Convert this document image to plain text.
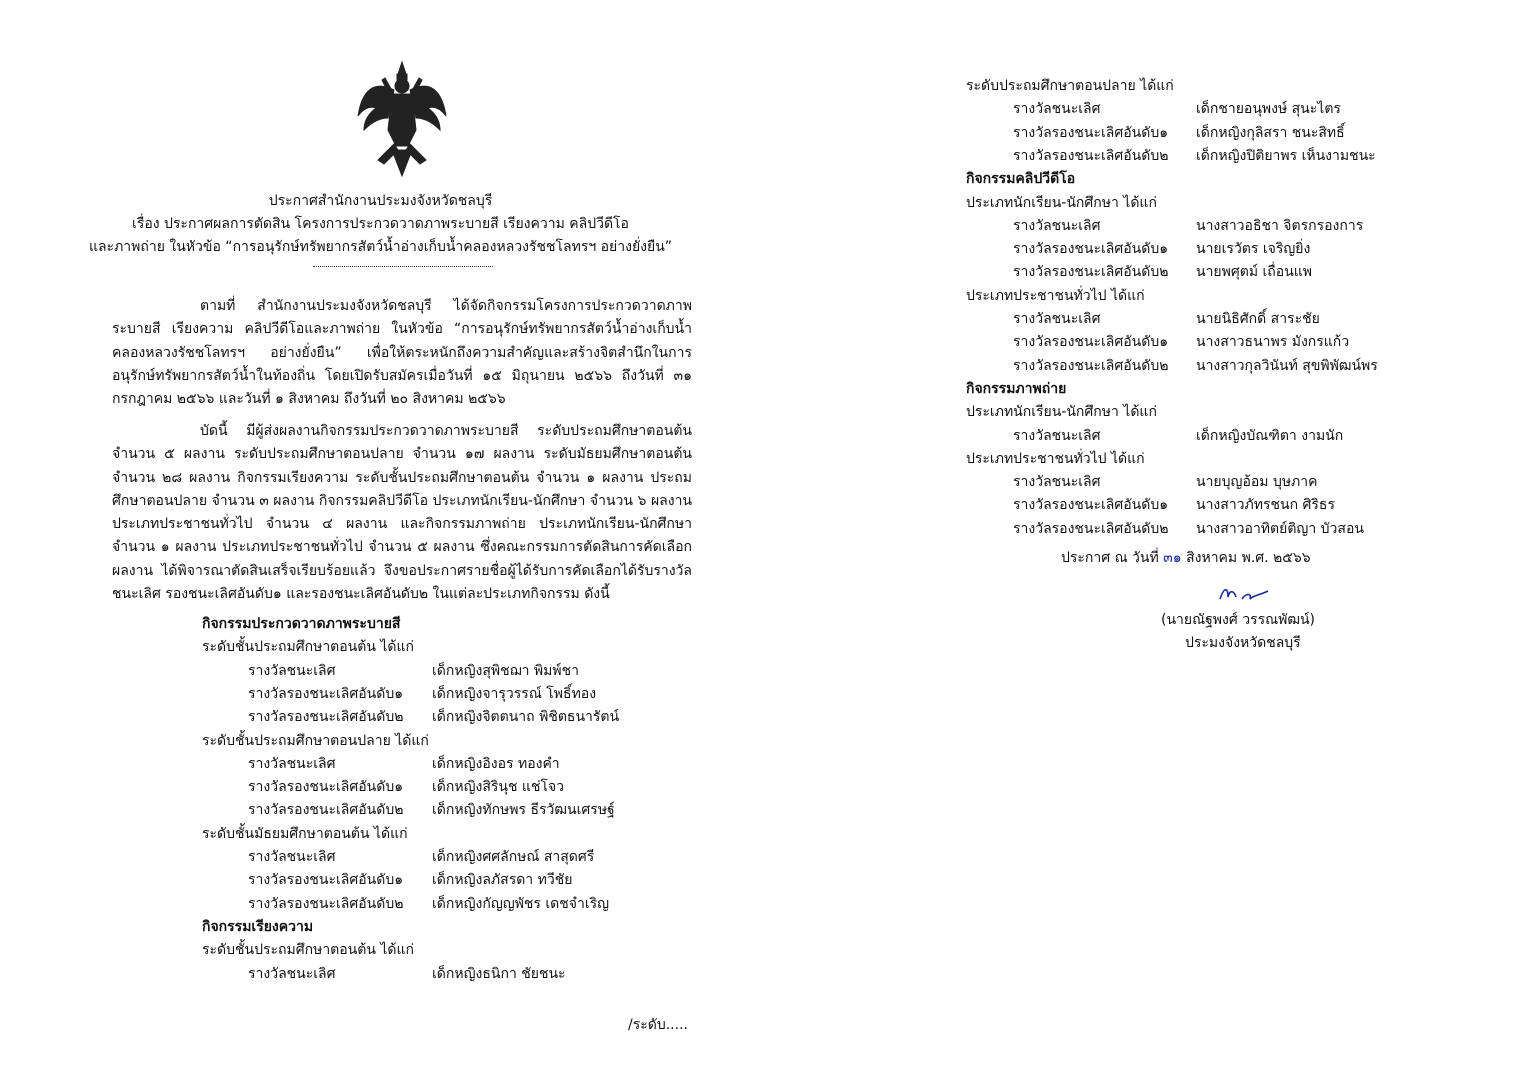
ประกาศสำนักงานประมงจังหวัดชลบุรี
เรื่อง ประกาศผลการตัดสิน โครงการประกวดวาดภาพระบายสี เรียงความ คลิปวีดีโอ
และภาพถ่าย ในหัวข้อ “การอนุรักษ์ทรัพยากรสัตว์น้ำอ่างเก็บน้ำคลองหลวงรัชชโลทรฯ อย่างยั่งยืน”

ตามที่ สำนักงานประมงจังหวัดชลบุรี ได้จัดกิจกรรมโครงการประกวดวาดภาพระบายสี เรียงความ คลิปวีดีโอและภาพถ่าย ในหัวข้อ “การอนุรักษ์ทรัพยากรสัตว์น้ำอ่างเก็บน้ำคลองหลวงรัชชโลทรฯ อย่างยั่งยืน” เพื่อให้ตระหนักถึงความสำคัญและสร้างจิตสำนึกในการอนุรักษ์ทรัพยากรสัตว์น้ำในท้องถิ่น โดยเปิดรับสมัครเมื่อวันที่ ๑๕ มิถุนายน ๒๕๖๖ ถึงวันที่ ๓๑ กรกฎาคม ๒๕๖๖ และวันที่ ๑ สิงหาคม ถึงวันที่ ๒๐ สิงหาคม ๒๕๖๖

บัดนี้ มีผู้ส่งผลงานกิจกรรมประกวดวาดภาพระบายสี ระดับประถมศึกษาตอนต้น จำนวน ๕ ผลงาน ระดับประถมศึกษาตอนปลาย จำนวน ๑๗ ผลงาน ระดับมัธยมศึกษาตอนต้น จำนวน ๒๘ ผลงาน กิจกรรมเรียงความ ระดับชั้นประถมศึกษาตอนต้น จำนวน ๑ ผลงาน ประถมศึกษาตอนปลาย จำนวน ๓ ผลงาน กิจกรรมคลิปวีดีโอ ประเภทนักเรียน-นักศึกษา จำนวน ๖ ผลงาน ประเภทประชาชนทั่วไป จำนวน ๔ ผลงาน และกิจกรรมภาพถ่าย ประเภทนักเรียน-นักศึกษา จำนวน ๑ ผลงาน ประเภทประชาชนทั่วไป จำนวน ๕ ผลงาน ซึ่งคณะกรรมการตัดสินการคัดเลือกผลงาน ได้พิจารณาตัดสินเสร็จเรียบร้อยแล้ว จึงขอประกาศรายชื่อผู้ได้รับการคัดเลือกได้รับรางวัลชนะเลิศ รองชนะเลิศอันดับ๑ และรองชนะเลิศอันดับ๒ ในแต่ละประเภทกิจกรรม ดังนี้

กิจกรรมประกวดวาดภาพระบายสี
ระดับชั้นประถมศึกษาตอนต้น ได้แก่
รางวัลชนะเลิศ	เด็กหญิงสุพิชฌา พิมพ์ชา
รางวัลรองชนะเลิศอันดับ๑ เด็กหญิงจารุวรรณ์ โพธิ์ทอง
รางวัลรองชนะเลิศอันดับ๒ เด็กหญิงจิตตนาถ พิชิตธนารัตน์
ระดับชั้นประถมศึกษาตอนปลาย ได้แก่
รางวัลชนะเลิศ	เด็กหญิงอิงอร ทองคำ
รางวัลรองชนะเลิศอันดับ๑ เด็กหญิงสิรินุช แช่โจว
รางวัลรองชนะเลิศอันดับ๒ เด็กหญิงทักษพร ธีรวัฒนเศรษฐ์
ระดับชั้นมัธยมศึกษาตอนต้น ได้แก่
รางวัลชนะเลิศ	เด็กหญิงศศลักษณ์ สาสุดศรี
รางวัลรองชนะเลิศอันดับ๑ เด็กหญิงลภัสรดา ทวีชัย
รางวัลรองชนะเลิศอันดับ๒ เด็กหญิงกัญญพัชร เดชจำเริญ
กิจกรรมเรียงความ
ระดับชั้นประถมศึกษาตอนต้น ได้แก่
รางวัลชนะเลิศ	เด็กหญิงธนิกา ชัยชนะ
/ระดับ.....
ระดับประถมศึกษาตอนปลาย ได้แก่
รางวัลชนะเลิศ	เด็กชายอนุพงษ์ สุนะไตร
รางวัลรองชนะเลิศอันดับ๑ เด็กหญิงกุลิสรา ชนะสิทธิ์
รางวัลรองชนะเลิศอันดับ๒ เด็กหญิงปิติยาพร เห็นงามชนะ
กิจกรรมคลิปวีดีโอ
ประเภทนักเรียน-นักศึกษา ได้แก่
รางวัลชนะเลิศ	นางสาวอธิชา จิตรกรองการ
รางวัลรองชนะเลิศอันดับ๑ นายเรวัตร เจริญยิ่ง
รางวัลรองชนะเลิศอันดับ๒ นายพศุตม์ เถื่อนแพ
ประเภทประชาชนทั่วไป ได้แก่
รางวัลชนะเลิศ	นายนิธิศักดิ์ สาระชัย
รางวัลรองชนะเลิศอันดับ๑ นางสาวธนาพร มังกรแก้ว
รางวัลรองชนะเลิศอันดับ๒ นางสาวกุลวินันท์ สุขพิพัฒน์พร
กิจกรรมภาพถ่าย
ประเภทนักเรียน-นักศึกษา ได้แก่
รางวัลชนะเลิศ	เด็กหญิงบัณฑิตา งามนัก
ประเภทประชาชนทั่วไป ได้แก่
รางวัลชนะเลิศ	นายบุญอ้อม บุษภาค
รางวัลรองชนะเลิศอันดับ๑ นางสาวภัทรชนก ศิริธร
รางวัลรองชนะเลิศอันดับ๒ นางสาวอาทิตย์ติญา บัวสอน
ประกาศ ณ วันที่ ๓๑ สิงหาคม พ.ศ. ๒๕๖๖
(นายณัฐพงศ์ วรรณพัฒน์)
ประมงจังหวัดชลบุรี
